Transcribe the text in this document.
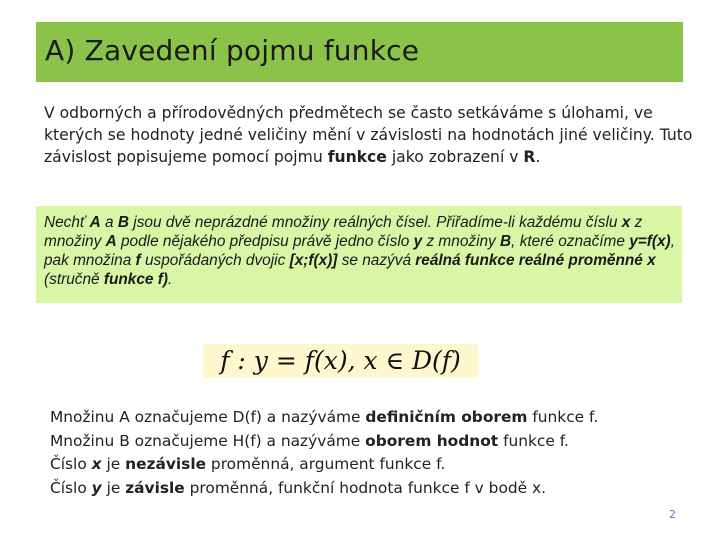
A) Zavedení pojmu funkce
V odborných a přírodovědných předmětech se často setkáváme s úlohami, ve kterých se hodnoty jedné veličiny mění v závislosti na hodnotách jiné veličiny. Tuto závislost popisujeme pomocí pojmu funkce jako zobrazení v R.
Nechť A a B jsou dvě neprázdné množiny reálných čísel. Přiřadíme-li každému číslu x z množiny A podle nějakého předpisu právě jedno číslo y z množiny B, které označíme y=f(x), pak množina f uspořádaných dvojic [x;f(x)] se nazývá reálná funkce reálné proměnné x (stručně funkce f).
f : y = f(x), x ∈ D(f)

Množinu A označujeme D(f) a nazýváme definičním oborem funkce f.

Množinu B označujeme H(f) a nazýváme oborem hodnot funkce f.

Číslo x je nezávisle proměnná, argument funkce f.

Číslo y je závisle proměnná, funkční hodnota funkce f v bodě x.

2
